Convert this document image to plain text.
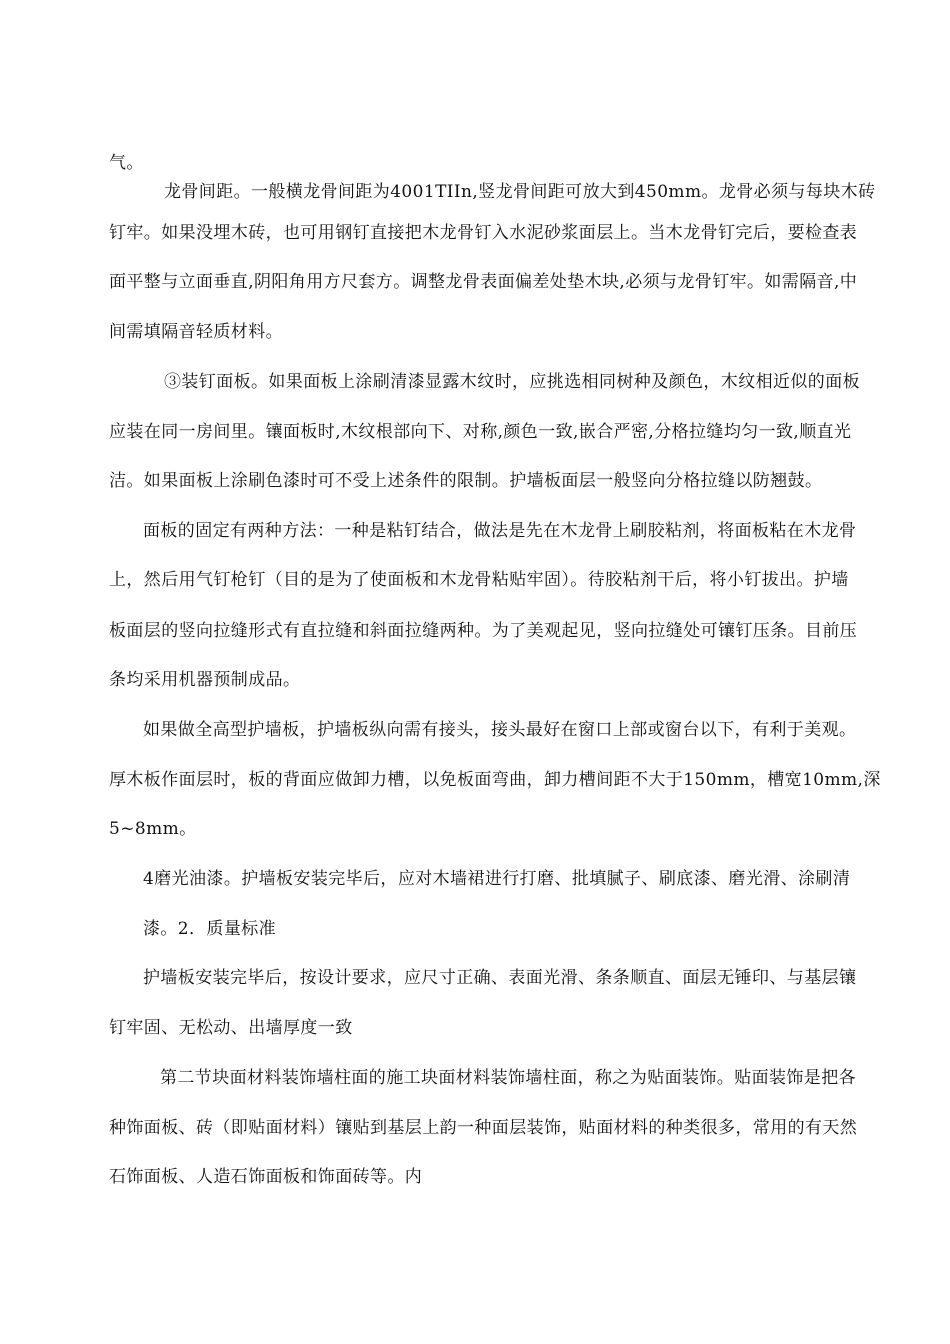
气。
龙骨间距。一般横龙骨间距为4001TIIn,竖龙骨间距可放大到450mm。龙骨必须与每块木砖
钉牢。如果没埋木砖，也可用钢钉直接把木龙骨钉入水泥砂浆面层上。当木龙骨钉完后，要检查表
面平整与立面垂直,阴阳角用方尺套方。调整龙骨表面偏差处垫木块,必须与龙骨钉牢。如需隔音,中
间需填隔音轻质材料。
③装钉面板。如果面板上涂刷清漆显露木纹时，应挑选相同树种及颜色，木纹相近似的面板
应装在同一房间里。镶面板时,木纹根部向下、对称,颜色一致,嵌合严密,分格拉缝均匀一致,顺直光
洁。如果面板上涂刷色漆时可不受上述条件的限制。护墙板面层一般竖向分格拉缝以防翘鼓。
面板的固定有两种方法：一种是粘钉结合，做法是先在木龙骨上刷胶粘剂，将面板粘在木龙骨
上，然后用气钉枪钉（目的是为了使面板和木龙骨粘贴牢固）。待胶粘剂干后，将小钉拔出。护墙
板面层的竖向拉缝形式有直拉缝和斜面拉缝两种。为了美观起见，竖向拉缝处可镶钉压条。目前压
条均采用机器预制成品。
如果做全高型护墙板，护墙板纵向需有接头，接头最好在窗口上部或窗台以下，有利于美观。
厚木板作面层时，板的背面应做卸力槽，以免板面弯曲，卸力槽间距不大于150mm，槽宽10mm,深
5~8mm。
4磨光油漆。护墙板安装完毕后，应对木墙裙进行打磨、批填腻子、刷底漆、磨光滑、涂刷清
漆。2．质量标准
护墙板安装完毕后，按设计要求，应尺寸正确、表面光滑、条条顺直、面层无锤印、与基层镶
钉牢固、无松动、出墙厚度一致
第二节块面材料装饰墙柱面的施工块面材料装饰墙柱面，称之为贴面装饰。贴面装饰是把各
种饰面板、砖（即贴面材料）镶贴到基层上韵一种面层装饰，贴面材料的种类很多，常用的有天然
石饰面板、人造石饰面板和饰面砖等。内
